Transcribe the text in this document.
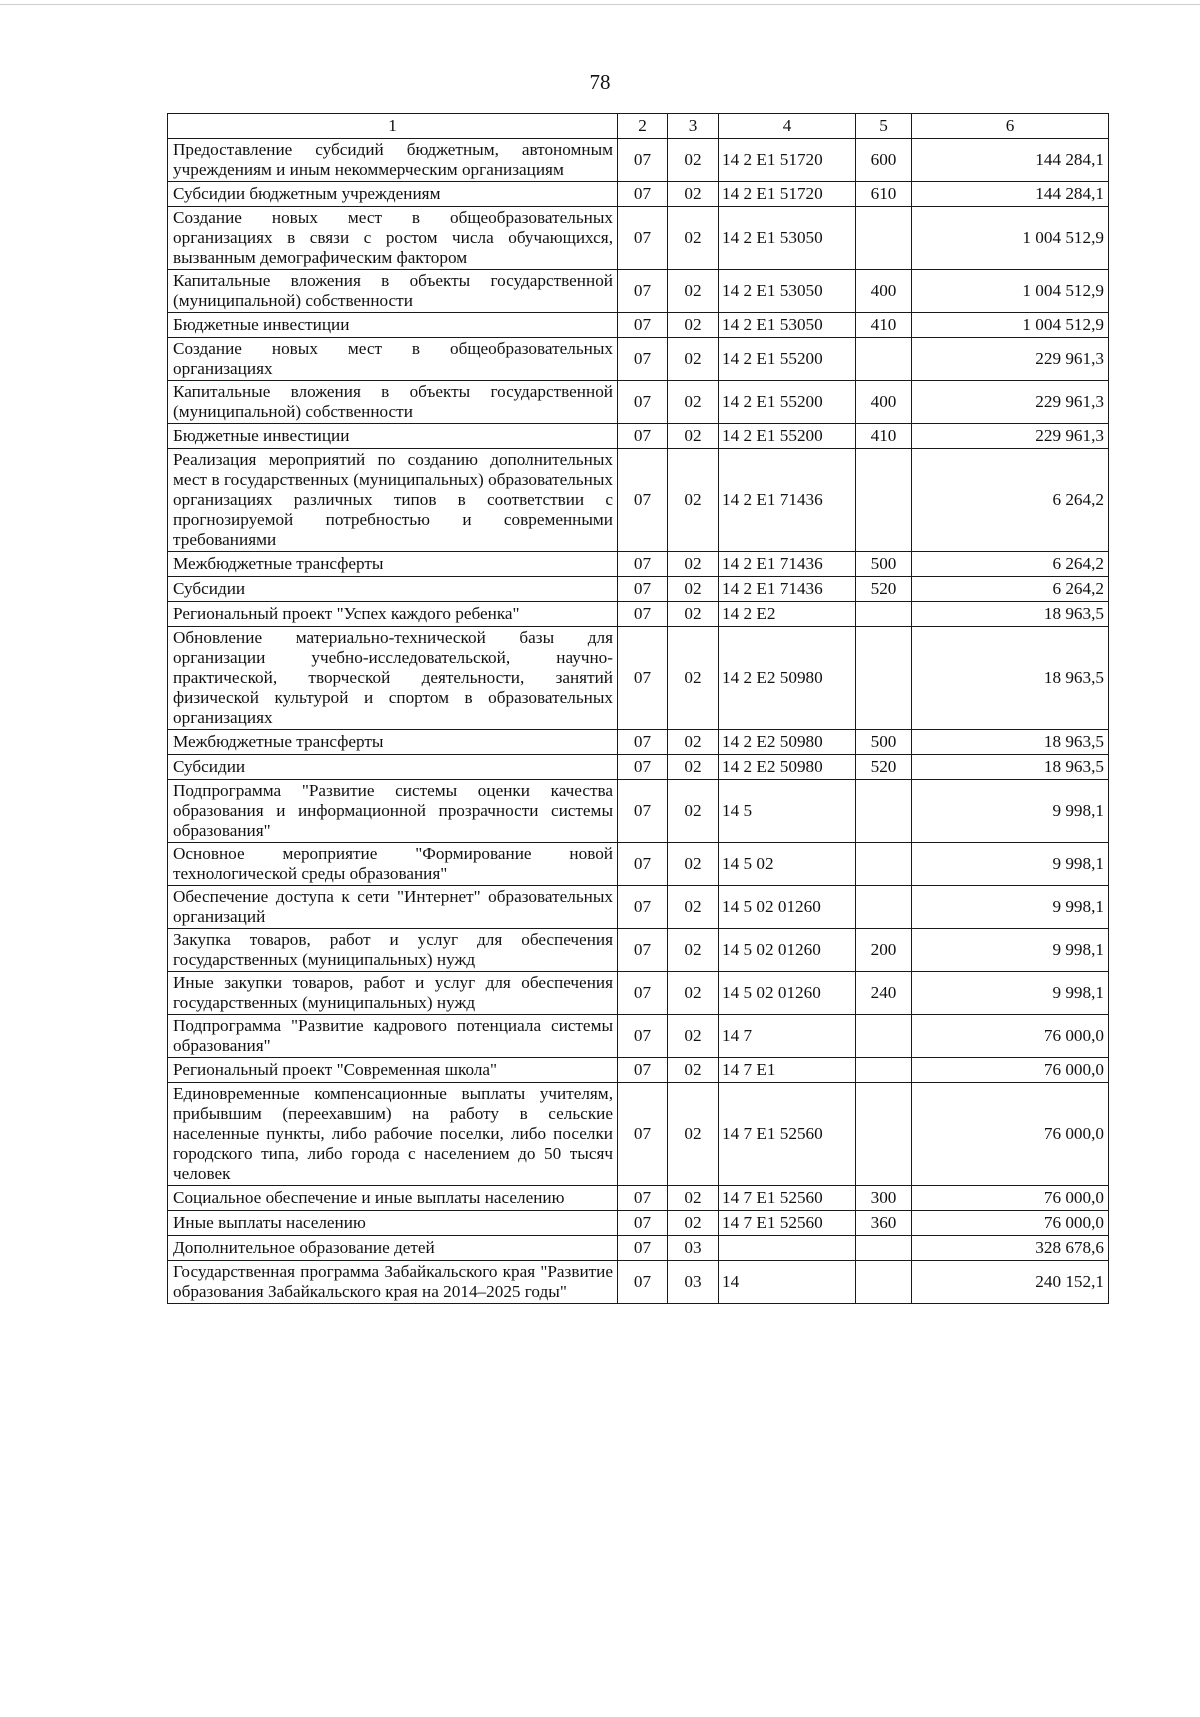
78
1	2	3	4	5	6
Предоставление субсидий бюджетным, автономным учреждениям и иным некоммерческим организациям	07	02	14 2 E1 51720	600	144 284,1
Субсидии бюджетным учреждениям	07	02	14 2 E1 51720	610	144 284,1
Создание новых мест в общеобразовательных организациях в связи с ростом числа обучающихся, вызванным демографическим фактором	07	02	14 2 E1 53050		1 004 512,9
Капитальные вложения в объекты государственной (муниципальной) собственности	07	02	14 2 E1 53050	400	1 004 512,9
Бюджетные инвестиции	07	02	14 2 E1 53050	410	1 004 512,9
Создание новых мест в общеобразовательных организациях	07	02	14 2 E1 55200		229 961,3
Капитальные вложения в объекты государственной (муниципальной) собственности	07	02	14 2 E1 55200	400	229 961,3
Бюджетные инвестиции	07	02	14 2 E1 55200	410	229 961,3
Реализация мероприятий по созданию дополнительных мест в государственных (муниципальных) образовательных организациях различных типов в соответствии с прогнозируемой потребностью и современными требованиями	07	02	14 2 E1 71436		6 264,2
Межбюджетные трансферты	07	02	14 2 E1 71436	500	6 264,2
Субсидии	07	02	14 2 E1 71436	520	6 264,2
Региональный проект "Успех каждого ребенка"	07	02	14 2 E2		18 963,5
Обновление материально-технической базы для организации учебно-исследовательской, научно-практической, творческой деятельности, занятий физической культурой и спортом в образовательных организациях	07	02	14 2 E2 50980		18 963,5
Межбюджетные трансферты	07	02	14 2 E2 50980	500	18 963,5
Субсидии	07	02	14 2 E2 50980	520	18 963,5
Подпрограмма "Развитие системы оценки качества образования и информационной прозрачности системы образования"	07	02	14 5		9 998,1
Основное мероприятие "Формирование новой технологической среды образования"	07	02	14 5 02		9 998,1
Обеспечение доступа к сети "Интернет" образовательных организаций	07	02	14 5 02 01260		9 998,1
Закупка товаров, работ и услуг для обеспечения государственных (муниципальных) нужд	07	02	14 5 02 01260	200	9 998,1
Иные закупки товаров, работ и услуг для обеспечения государственных (муниципальных) нужд	07	02	14 5 02 01260	240	9 998,1
Подпрограмма "Развитие кадрового потенциала системы образования"	07	02	14 7		76 000,0
Региональный проект "Современная школа"	07	02	14 7 E1		76 000,0
Единовременные компенсационные выплаты учителям, прибывшим (переехавшим) на работу в сельские населенные пункты, либо рабочие поселки, либо поселки городского типа, либо города с населением до 50 тысяч человек	07	02	14 7 E1 52560		76 000,0
Социальное обеспечение и иные выплаты населению	07	02	14 7 E1 52560	300	76 000,0
Иные выплаты населению	07	02	14 7 E1 52560	360	76 000,0
Дополнительное образование детей	07	03			328 678,6
Государственная программа Забайкальского края "Развитие образования Забайкальского края на 2014–2025 годы"	07	03	14		240 152,1
